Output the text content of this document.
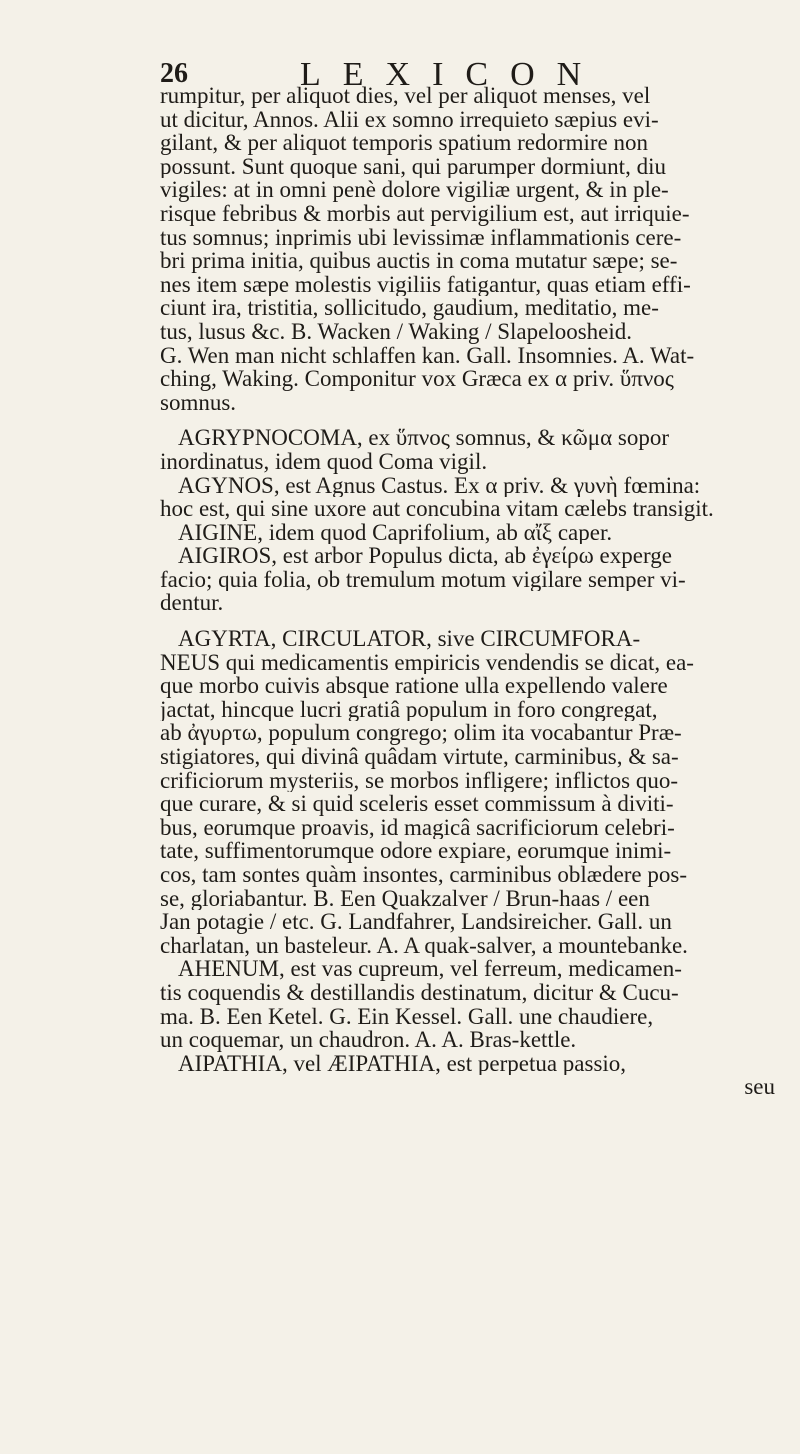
26	LEXICON
rumpitur, per aliquot dies, vel per aliquot menses, vel
ut dicitur, Annos. Alii ex somno irrequieto sæpius evi-
gilant, & per aliquot temporis spatium redormire non
possunt. Sunt quoque sani, qui parumper dormiunt, diu
vigiles: at in omni penè dolore vigiliæ urgent, & in ple-
risque febribus & morbis aut pervigilium est, aut irriquie-
tus somnus; inprimis ubi levissimæ inflammationis cere-
bri prima initia, quibus auctis in coma mutatur sæpe; se-
nes item sæpe molestis vigiliis fatigantur, quas etiam effi-
ciunt ira, tristitia, sollicitudo, gaudium, meditatio, me-
tus, lusus &c. B. Wacken / Waking / Slapeloosheid.
G. Wen man nicht schlaffen kan. Gall. Insomnies. A. Wat-
ching, Waking. Componitur vox Græca ex α priv. ὕπνος
somnus.
AGRYPNOCOMA, ex ὕπνος somnus, & κῶμα sopor
inordinatus, idem quod Coma vigil.
AGYNOS, est Agnus Castus. Ex α priv. & γυνὴ fœmina:
hoc est, qui sine uxore aut concubina vitam cælebs transigit.
AIGINE, idem quod Caprifolium, ab αἴξ caper.
AIGIROS, est arbor Populus dicta, ab ἐγείρω experge
facio; quia folia, ob tremulum motum vigilare semper vi-
dentur.
AGYRTA, CIRCULATOR, sive CIRCUMFORA-
NEUS qui medicamentis empiricis vendendis se dicat, ea-
que morbo cuivis absque ratione ulla expellendo valere
jactat, hincque lucri gratiâ populum in foro congregat,
ab ἀγυρτω, populum congrego; olim ita vocabantur Præ-
stigiatores, qui divinâ quâdam virtute, carminibus, & sa-
crificiorum mysteriis, se morbos infligere; inflictos quo-
que curare, & si quid sceleris esset commissum à diviti-
bus, eorumque proavis, id magicâ sacrificiorum celebri-
tate, suffimentorumque odore expiare, eorumque inimi-
cos, tam sontes quàm insontes, carminibus oblædere pos-
se, gloriabantur. B. Een Quakzalver / Brun-haas / een
Jan potagie / etc. G. Landfahrer, Landsireicher. Gall. un
charlatan, un basteleur. A. A quak-salver, a mountebanke.
AHENUM, est vas cupreum, vel ferreum, medicamen-
tis coquendis & destillandis destinatum, dicitur & Cucu-
ma. B. Een Ketel. G. Ein Kessel. Gall. une chaudiere,
un coquemar, un chaudron. A. A. Bras-kettle.
AIPATHIA, vel ÆIPATHIA, est perpetua passio,
seu
